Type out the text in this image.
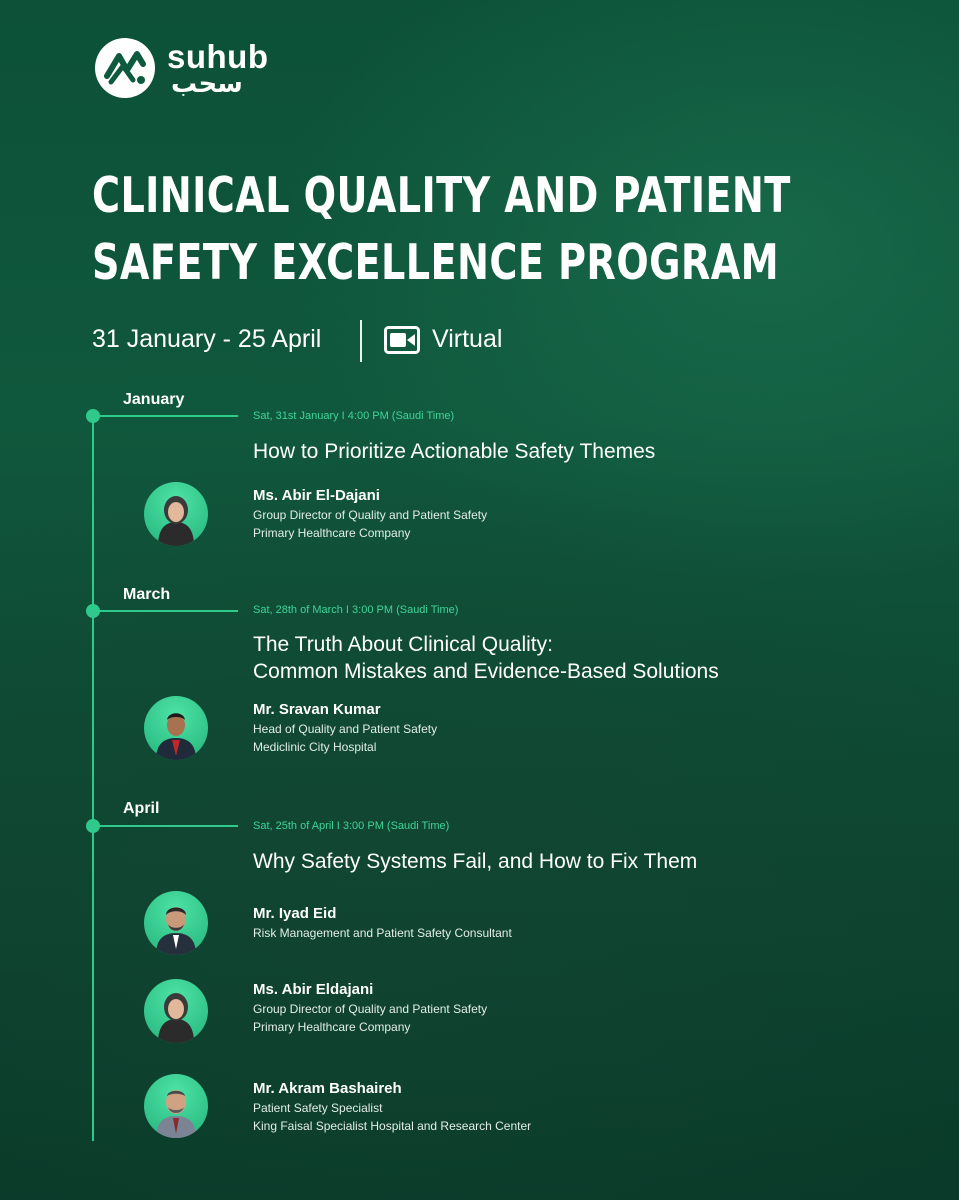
suhub
سحب
CLINICAL QUALITY AND PATIENT
SAFETY EXCELLENCE PROGRAM
31 January - 25 April	Virtual
January
Sat, 31st January I 4:00 PM (Saudi Time)
How to Prioritize Actionable Safety Themes
Ms. Abir El-Dajani
Group Director of Quality and Patient Safety
Primary Healthcare Company
March
Sat, 28th of March I 3:00 PM (Saudi Time)
The Truth About Clinical Quality:
Common Mistakes and Evidence-Based Solutions
Mr. Sravan Kumar
Head of Quality and Patient Safety
Mediclinic City Hospital
April
Sat, 25th of April I 3:00 PM (Saudi Time)
Why Safety Systems Fail, and How to Fix Them
Mr. Iyad Eid
Risk Management and Patient Safety Consultant
Ms. Abir Eldajani
Group Director of Quality and Patient Safety
Primary Healthcare Company
Mr. Akram Bashaireh
Patient Safety Specialist
King Faisal Specialist Hospital and Research Center
